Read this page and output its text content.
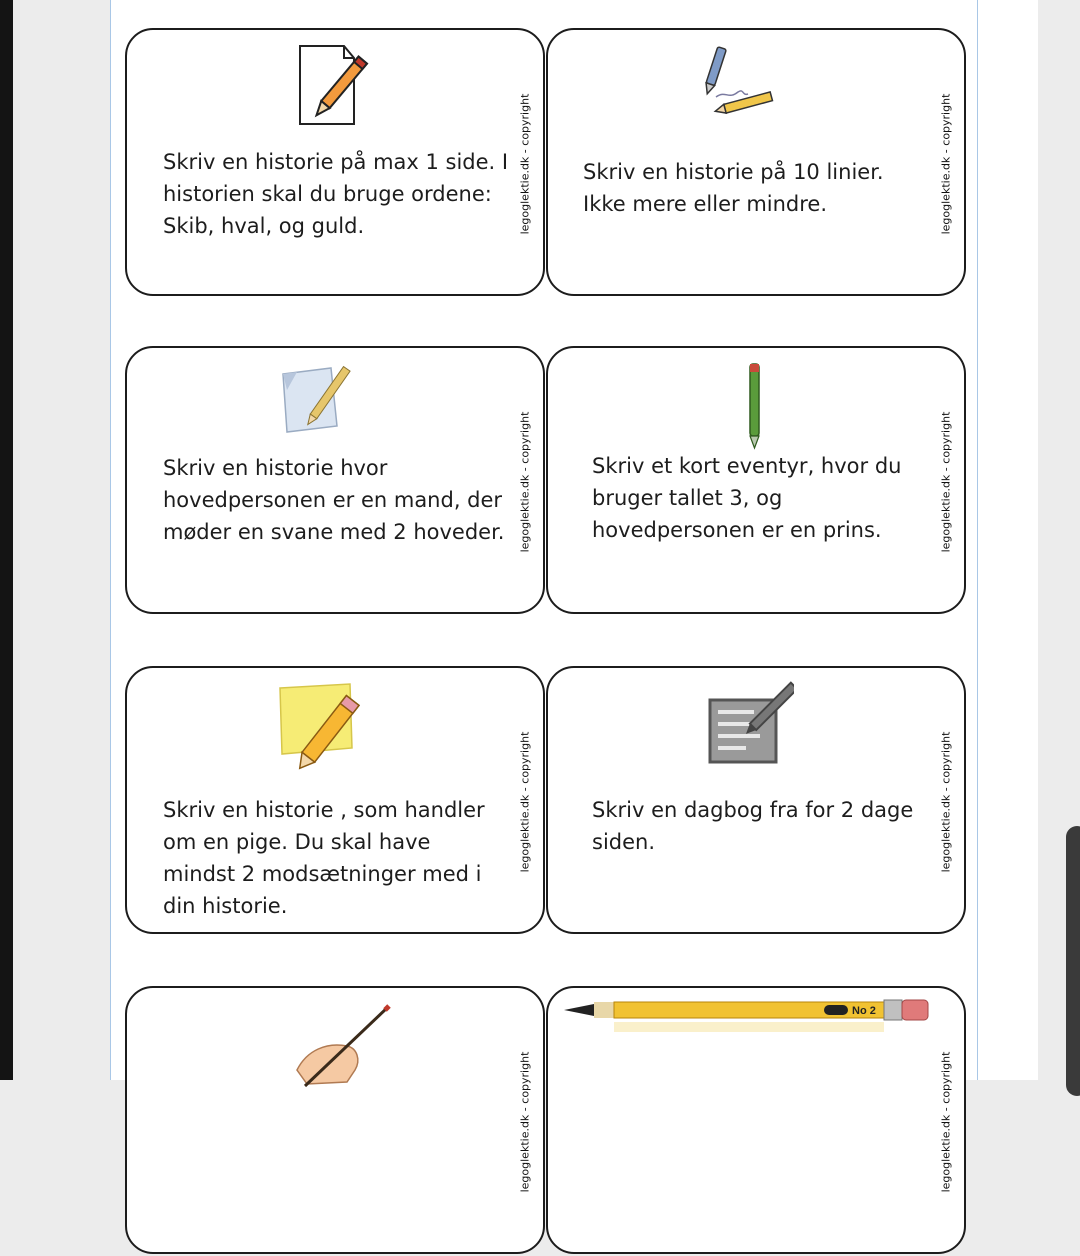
Skriv en historie på max 1 side. I historien skal du bruge ordene: Skib, hval, og guld.	legoglektie.dk - copyright Skriv en historie på 10 linier. Ikke mere eller mindre.	legoglektie.dk - copyright
Skriv en historie hvor hovedpersonen er en mand, der møder en svane med 2 hoveder.	legoglektie.dk - copyright	Skriv et kort eventyr, hvor du bruger tallet 3, og hovedpersonen er en prins.	legoglektie.dk - copyright
Skriv en historie , som handler om en pige. Du skal have mindst 2 modsætninger med i din historie.
legoglektie.dk - copyright	Skriv en dagbog fra for 2 dage siden.	legoglektie.dk - copyright
legoglektie.dk - copyright
No 2
legoglektie.dk - copyright
